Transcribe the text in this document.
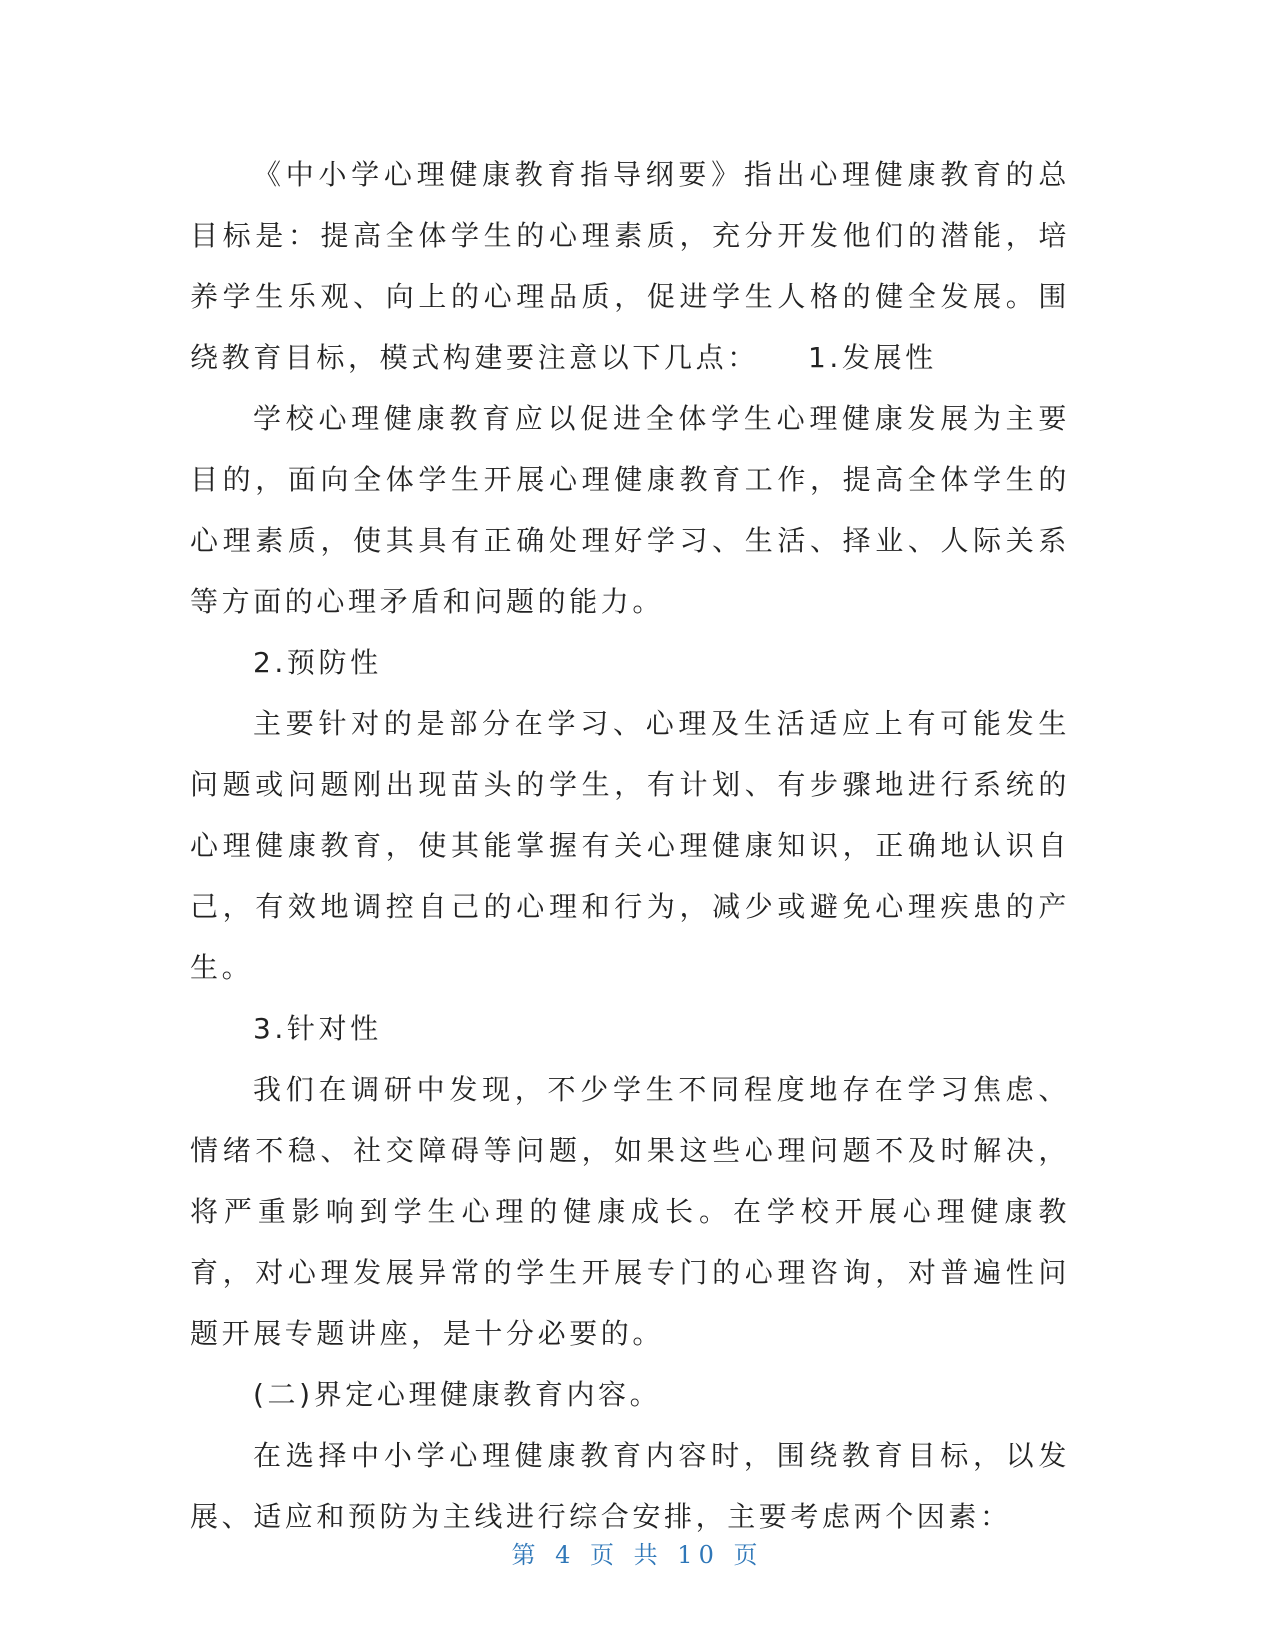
《中小学心理健康教育指导纲要》指出心理健康教育的总目标是：提高全体学生的心理素质，充分开发他们的潜能，培养学生乐观、向上的心理品质，促进学生人格的健全发展。围绕教育目标，模式构建要注意以下几点：　　1.发展性

学校心理健康教育应以促进全体学生心理健康发展为主要目的，面向全体学生开展心理健康教育工作，提高全体学生的心理素质，使其具有正确处理好学习、生活、择业、人际关系等方面的心理矛盾和问题的能力。

2.预防性

主要针对的是部分在学习、心理及生活适应上有可能发生问题或问题刚出现苗头的学生，有计划、有步骤地进行系统的心理健康教育，使其能掌握有关心理健康知识，正确地认识自己，有效地调控自己的心理和行为，减少或避免心理疾患的产生。

3.针对性

我们在调研中发现，不少学生不同程度地存在学习焦虑、情绪不稳、社交障碍等问题，如果这些心理问题不及时解决，将严重影响到学生心理的健康成长。在学校开展心理健康教育，对心理发展异常的学生开展专门的心理咨询，对普遍性问题开展专题讲座，是十分必要的。

(二)界定心理健康教育内容。

在选择中小学心理健康教育内容时，围绕教育目标，以发展、适应和预防为主线进行综合安排，主要考虑两个因素：

第 4 页 共 10 页
